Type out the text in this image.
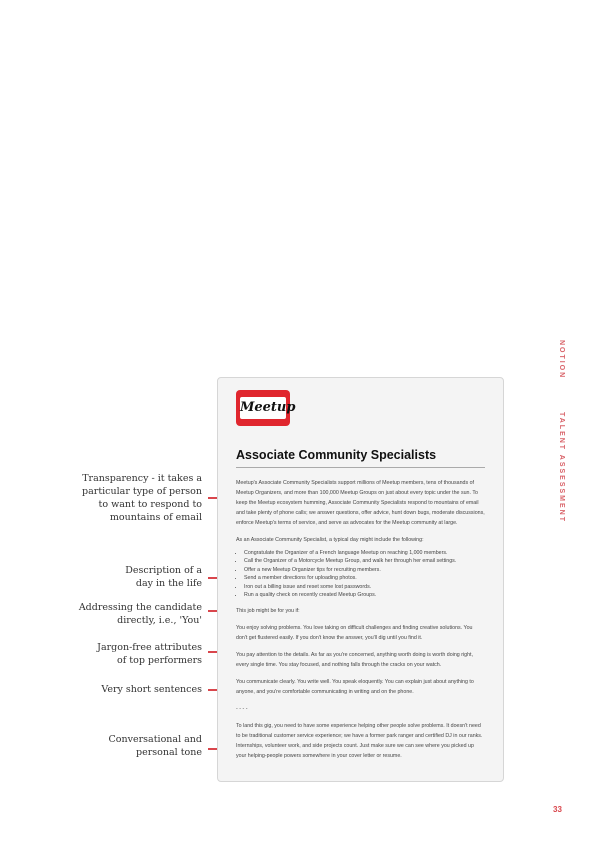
NOTION
TALENT ASSESSMENT
Transparency - it takes a particular type of person to want to respond to mountains of email
Description of a day in the life
Addressing the candidate directly, i.e., 'You'
Jargon-free attributes of top performers
Very short sentences
Conversational and personal tone
Meetup
Associate Community Specialists

Meetup's Associate Community Specialists support millions of Meetup members, tens of thousands of Meetup Organizers, and more than 100,000 Meetup Groups on just about every topic under the sun. To keep the Meetup ecosystem humming, Associate Community Specialists respond to mountains of email and take plenty of phone calls; we answer questions, offer advice, hunt down bugs, moderate discussions, enforce Meetup's terms of service, and serve as advocates for the Meetup community at large.

As an Associate Community Specialist, a typical day might include the following:

• Congratulate the Organizer of a French language Meetup on reaching 1,000 members.
• Call the Organizer of a Motorcycle Meetup Group, and walk her through her email settings.
• Offer a new Meetup Organizer tips for recruiting members.
• Send a member directions for uploading photos.
• Iron out a billing issue and reset some lost passwords.
• Run a quality check on recently created Meetup Groups.

This job might be for you if:

You enjoy solving problems. You love taking on difficult challenges and finding creative solutions. You don't get flustered easily. If you don't know the answer, you'll dig until you find it.

You pay attention to the details. As far as you're concerned, anything worth doing is worth doing right, every single time. You stay focused, and nothing falls through the cracks on your watch.

You communicate clearly. You write well. You speak eloquently. You can explain just about anything to anyone, and you're comfortable communicating in writing and on the phone.

- - - -

To land this gig, you need to have some experience helping other people solve problems. It doesn't need to be traditional customer service experience; we have a former park ranger and certified DJ in our ranks. Internships, volunteer work, and side projects count. Just make sure we can see where you picked up your helping-people powers somewhere in your cover letter or resume.

33
